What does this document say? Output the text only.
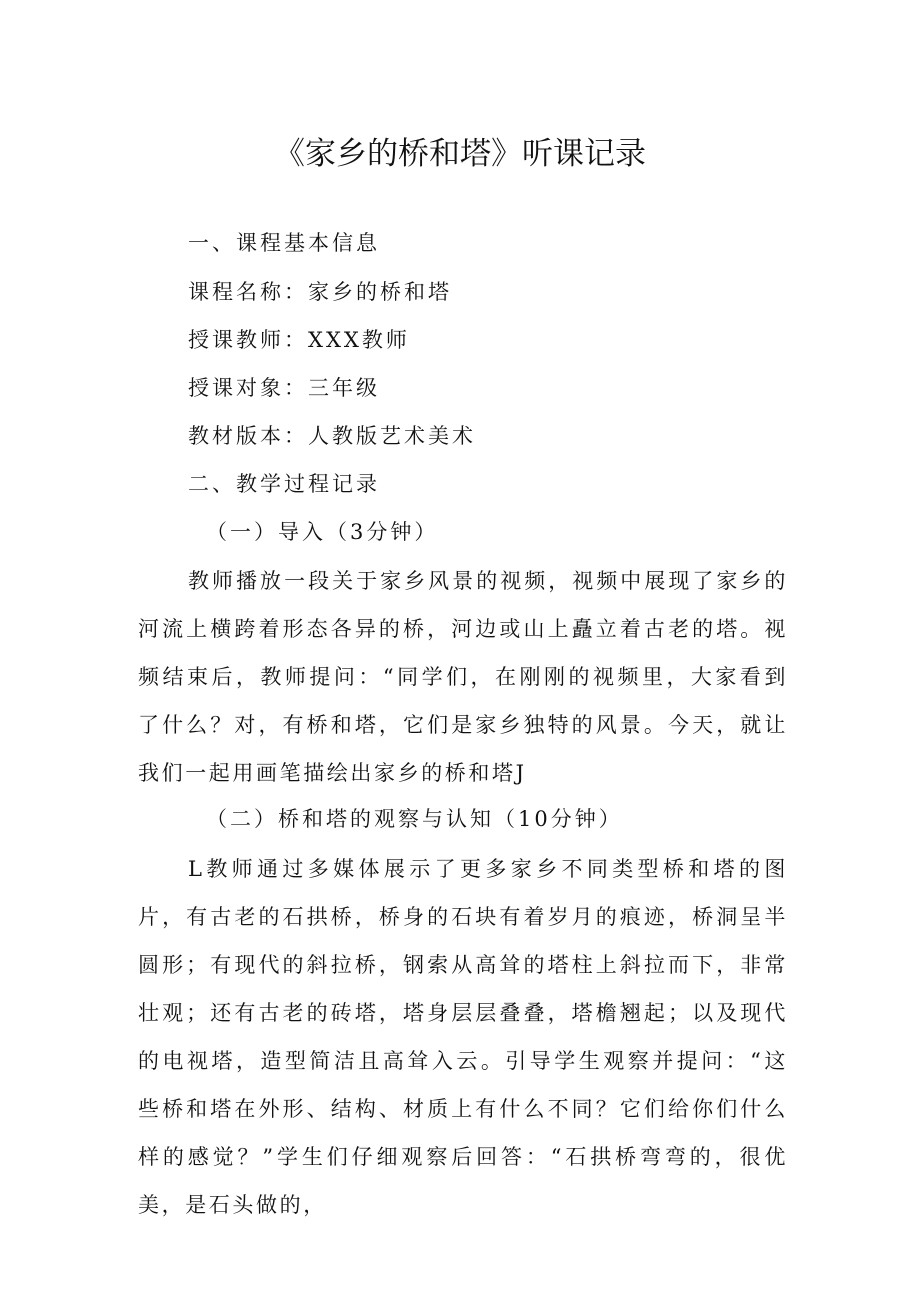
《家乡的桥和塔》听课记录

一、课程基本信息

课程名称：家乡的桥和塔

授课教师：XXX教师

授课对象：三年级

教材版本：人教版艺术美术

二、教学过程记录

（一）导入（3分钟）

教师播放一段关于家乡风景的视频，视频中展现了家乡的河流上横跨着形态各异的桥，河边或山上矗立着古老的塔。视频结束后，教师提问：“同学们，在刚刚的视频里，大家看到了什么？对，有桥和塔，它们是家乡独特的风景。今天，就让我们一起用画笔描绘出家乡的桥和塔J

（二）桥和塔的观察与认知（10分钟）

L教师通过多媒体展示了更多家乡不同类型桥和塔的图片，有古老的石拱桥，桥身的石块有着岁月的痕迹，桥洞呈半圆形；有现代的斜拉桥，钢索从高耸的塔柱上斜拉而下，非常壮观；还有古老的砖塔，塔身层层叠叠，塔檐翘起；以及现代的电视塔，造型简洁且高耸入云。引导学生观察并提问：“这些桥和塔在外形、结构、材质上有什么不同？它们给你们什么样的感觉？”学生们仔细观察后回答：“石拱桥弯弯的，很优美，是石头做的，
